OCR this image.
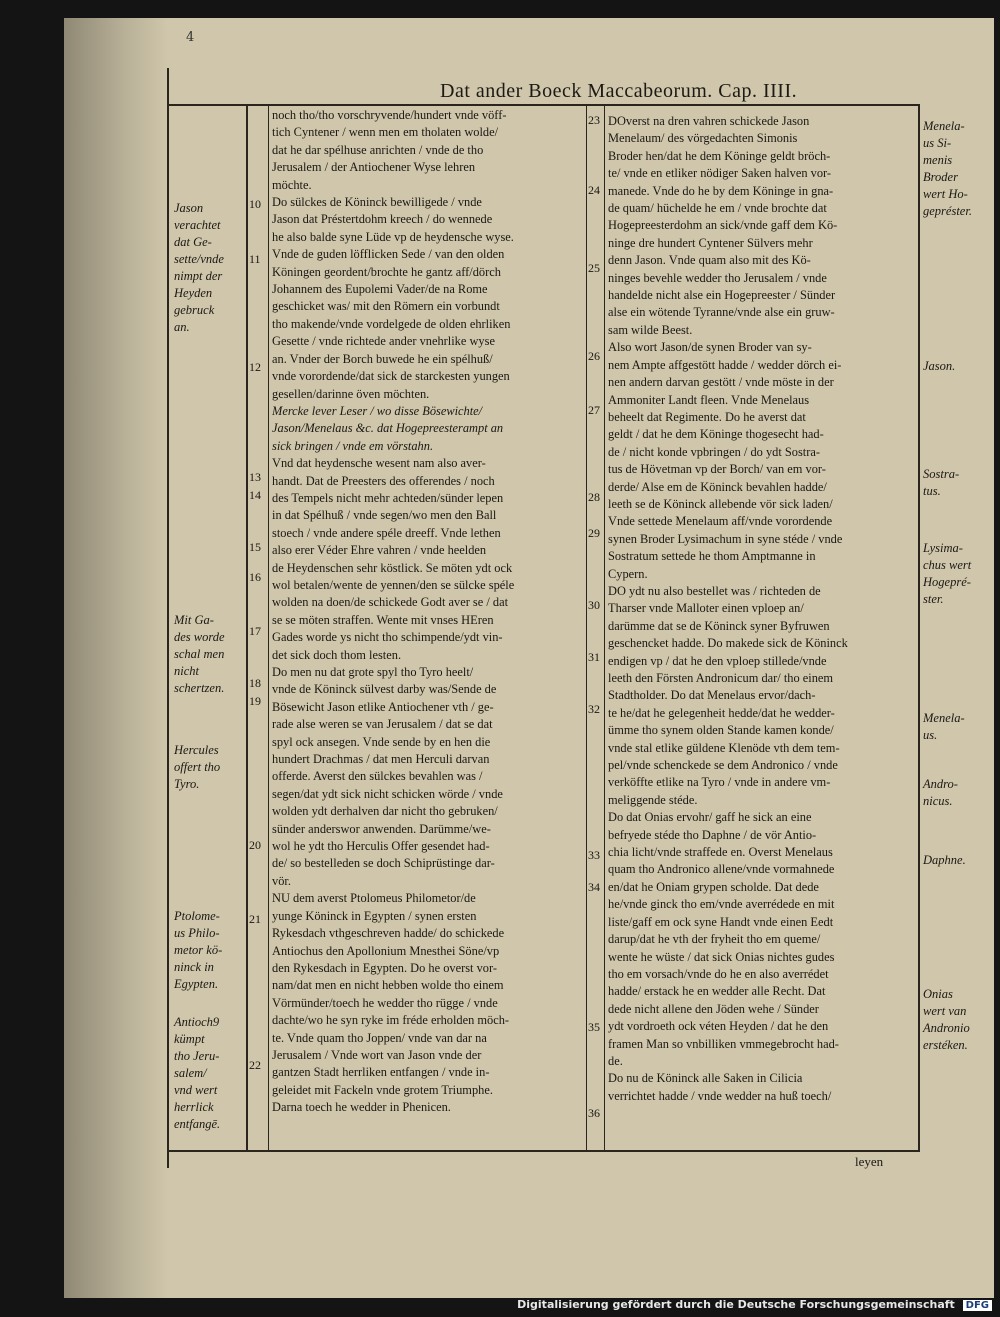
4
Dat ander Boeck Maccabeorum. Cap. IIII.
Jason
verachtet
dat Ge-
sette/vnde
nimpt der
Heyden
gebruck
an.
Mit Ga-
des worde
schal men
nicht
schertzen.
Hercules
offert tho
Tyro.
Ptolome-
us Philo-
metor kö-
ninck in
Egypten.
Antioch9
kümpt
tho Jeru-
salem/
vnd wert
herrlick
entfangē.
Menela-
us Si-
menis
Broder
wert Ho-
gepréster.
Jason.
Sostra-
tus.
Lysima-
chus wert
Hogepré-
ster.
Menela-
us.
Andro-
nicus.
Daphne.
Onias
wert van
Andronio
erstéken.
10
11
12
13
14
15
16
17
18
19
20
21
22
23
24
25
26
27
28
29
30
31
32
33
34
35
36
noch tho/tho vorschryvende/hundert vnde vöff-
tich Cyntener / wenn men em tholaten wolde/
dat he dar spélhuse anrichten / vnde de tho
Jerusalem / der Antiochener Wyse lehren
möchte.
Do sülckes de Köninck bewilligede / vnde
Jason dat Préstertdohm kreech / do wennede
he also balde syne Lüde vp de heydensche wyse.
Vnde de guden löfflicken Sede / van den olden
Köningen geordent/brochte he gantz aff/dörch
Johannem des Eupolemi Vader/de na Rome
geschicket was/ mit den Römern ein vorbundt
tho makende/vnde vordelgede de olden ehrliken
Gesette / vnde richtede ander vnehrlike wyse
an. Vnder der Borch buwede he ein spélhuß/
vnde vorordende/dat sick de starckesten yungen
gesellen/darinne öven möchten.
Mercke lever Leser / wo disse Bösewichte/
Jason/Menelaus &c. dat Hogepreesterampt an
sick bringen / vnde em vörstahn.
Vnd dat heydensche wesent nam also aver-
handt. Dat de Preesters des offerendes / noch
des Tempels nicht mehr achteden/sünder lepen
in dat Spélhuß / vnde segen/wo men den Ball
stoech / vnde andere spéle dreeff. Vnde lethen
also erer Véder Ehre vahren / vnde heelden
de Heydenschen sehr köstlick. Se möten ydt ock
wol betalen/wente de yennen/den se sülcke spéle
wolden na doen/de schickede Godt aver se / dat
se se möten straffen. Wente mit vnses HEren
Gades worde ys nicht tho schimpende/ydt vin-
det sick doch thom lesten.
Do men nu dat grote spyl tho Tyro heelt/
vnde de Köninck sülvest darby was/Sende de
Bösewicht Jason etlike Antiochener vth / ge-
rade alse weren se van Jerusalem / dat se dat
spyl ock ansegen. Vnde sende by en hen die
hundert Drachmas / dat men Herculi darvan
offerde. Averst den sülckes bevahlen was /
segen/dat ydt sick nicht schicken wörde / vnde
wolden ydt derhalven dar nicht tho gebruken/
sünder anderswor anwenden. Darümme/we-
wol he ydt tho Herculis Offer gesendet had-
de/ so bestelleden se doch Schiprüstinge dar-
vör.
NU dem averst Ptolomeus Philometor/de
yunge Köninck in Egypten / synen ersten
Rykesdach vthgeschreven hadde/ do schickede
Antiochus den Apollonium Mnesthei Söne/vp
den Rykesdach in Egypten. Do he overst vor-
nam/dat men en nicht hebben wolde tho einem
Vörmünder/toech he wedder tho rügge / vnde
dachte/wo he syn ryke im fréde erholden möch-
te. Vnde quam tho Joppen/ vnde van dar na
Jerusalem / Vnde wort van Jason vnde der
gantzen Stadt herrliken entfangen / vnde in-
geleidet mit Fackeln vnde grotem Triumphe.
Darna toech he wedder in Phenicen.
DOverst na dren vahren schickede Jason
Menelaum/ des vörgedachten Simonis
Broder hen/dat he dem Köninge geldt bröch-
te/ vnde en etliker nödiger Saken halven vor-
manede. Vnde do he by dem Köninge in gna-
de quam/ hüchelde he em / vnde brochte dat
Hogepreesterdohm an sick/vnde gaff dem Kö-
ninge dre hundert Cyntener Sülvers mehr
denn Jason. Vnde quam also mit des Kö-
ninges bevehle wedder tho Jerusalem / vnde
handelde nicht alse ein Hogepreester / Sünder
alse ein wötende Tyranne/vnde alse ein gruw-
sam wilde Beest.
Also wort Jason/de synen Broder van sy-
nem Ampte affgestött hadde / wedder dörch ei-
nen andern darvan gestött / vnde möste in der
Ammoniter Landt fleen. Vnde Menelaus
beheelt dat Regimente. Do he averst dat
geldt / dat he dem Köninge thogesecht had-
de / nicht konde vpbringen / do ydt Sostra-
tus de Hövetman vp der Borch/ van em vor-
derde/ Alse em de Köninck bevahlen hadde/
leeth se de Köninck allebende vör sick laden/
Vnde settede Menelaum aff/vnde vorordende
synen Broder Lysimachum in syne stéde / vnde
Sostratum settede he thom Amptmanne in
Cypern.
DO ydt nu also bestellet was / richteden de
Tharser vnde Malloter einen vploep an/
darümme dat se de Köninck syner Byfruwen
geschencket hadde. Do makede sick de Köninck
endigen vp / dat he den vploep stillede/vnde
leeth den Försten Andronicum dar/ tho einem
Stadtholder. Do dat Menelaus ervor/dach-
te he/dat he gelegenheit hedde/dat he wedder-
ümme tho synem olden Stande kamen konde/
vnde stal etlike güldene Klenöde vth dem tem-
pel/vnde schenckede se dem Andronico / vnde
verköffte etlike na Tyro / vnde in andere vm-
meliggende stéde.
Do dat Onias ervohr/ gaff he sick an eine
befryede stéde tho Daphne / de vör Antio-
chia licht/vnde straffede en. Overst Menelaus
quam tho Andronico allene/vnde vormahnede
en/dat he Oniam grypen scholde. Dat dede
he/vnde ginck tho em/vnde averrédede en mit
liste/gaff em ock syne Handt vnde einen Eedt
darup/dat he vth der fryheit tho em queme/
wente he wüste / dat sick Onias nichtes gudes
tho em vorsach/vnde do he en also averrédet
hadde/ erstack he en wedder alle Recht. Dat
dede nicht allene den Jöden wehe / Sünder
ydt vordroeth ock véten Heyden / dat he den
framen Man so vnbilliken vmmegebrocht had-
de.
Do nu de Köninck alle Saken in Cilicia
verrichtet hadde / vnde wedder na huß toech/
leyen
Digitalisierung gefördert durch die Deutsche Forschungsgemeinschaft DFG
